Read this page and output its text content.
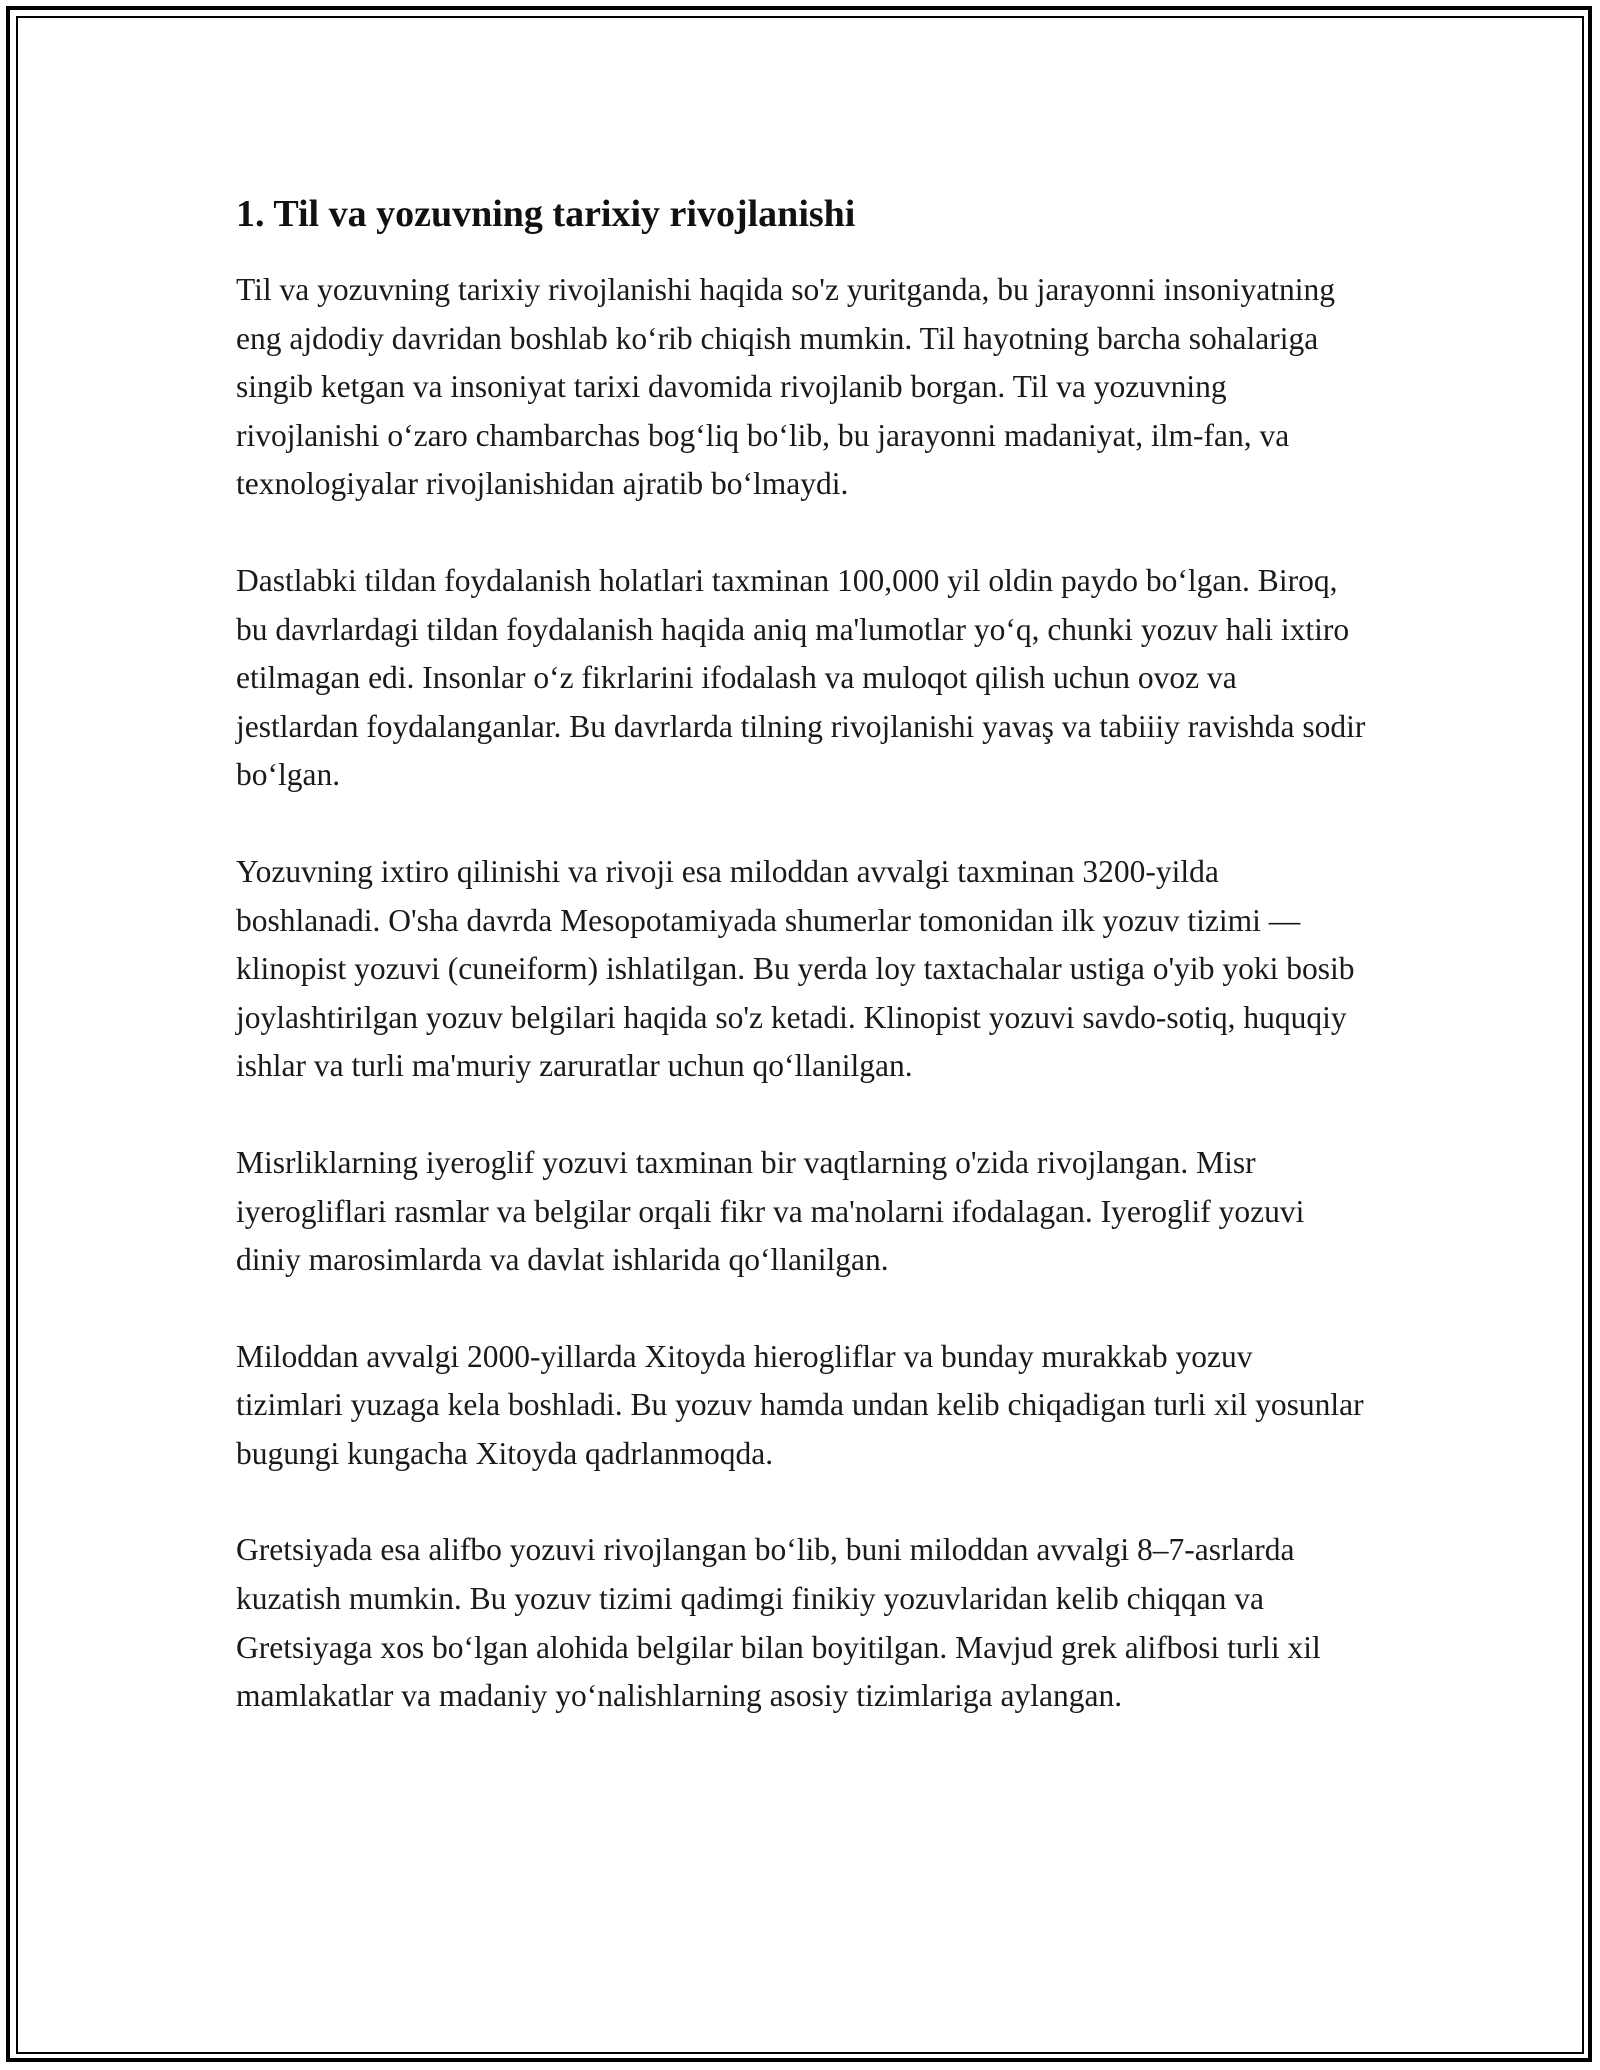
1. Til va yozuvning tarixiy rivojlanishi

Til va yozuvning tarixiy rivojlanishi haqida so'z yuritganda, bu jarayonni insoniyatning eng ajdodiy davridan boshlab ko‘rib chiqish mumkin. Til hayotning barcha sohalariga singib ketgan va insoniyat tarixi davomida rivojlanib borgan. Til va yozuvning rivojlanishi o‘zaro chambarchas bog‘liq bo‘lib, bu jarayonni madaniyat, ilm-fan, va texnologiyalar rivojlanishidan ajratib bo‘lmaydi.

Dastlabki tildan foydalanish holatlari taxminan 100,000 yil oldin paydo bo‘lgan. Biroq, bu davrlardagi tildan foydalanish haqida aniq ma'lumotlar yo‘q, chunki yozuv hali ixtiro etilmagan edi. Insonlar o‘z fikrlarini ifodalash va muloqot qilish uchun ovoz va jestlardan foydalanganlar. Bu davrlarda tilning rivojlanishi yavaş va tabiiiy ravishda sodir bo‘lgan.

Yozuvning ixtiro qilinishi va rivoji esa miloddan avvalgi taxminan 3200-yilda boshlanadi. O'sha davrda Mesopotamiyada shumerlar tomonidan ilk yozuv tizimi — klinopist yozuvi (cuneiform) ishlatilgan. Bu yerda loy taxtachalar ustiga o'yib yoki bosib joylashtirilgan yozuv belgilari haqida so'z ketadi. Klinopist yozuvi savdo-sotiq, huquqiy ishlar va turli ma'muriy zaruratlar uchun qo‘llanilgan.

Misrliklarning iyeroglif yozuvi taxminan bir vaqtlarning o'zida rivojlangan. Misr iyerogliflari rasmlar va belgilar orqali fikr va ma'nolarni ifodalagan. Iyeroglif yozuvi diniy marosimlarda va davlat ishlarida qo‘llanilgan.

Miloddan avvalgi 2000-yillarda Xitoyda hierogliflar va bunday murakkab yozuv tizimlari yuzaga kela boshladi. Bu yozuv hamda undan kelib chiqadigan turli xil yosunlar bugungi kungacha Xitoyda qadrlanmoqda.

Gretsiyada esa alifbo yozuvi rivojlangan bo‘lib, buni miloddan avvalgi 8–7-asrlarda kuzatish mumkin. Bu yozuv tizimi qadimgi finikiy yozuvlaridan kelib chiqqan va Gretsiyaga xos bo‘lgan alohida belgilar bilan boyitilgan. Mavjud grek alifbosi turli xil mamlakatlar va madaniy yo‘nalishlarning asosiy tizimlariga aylangan.
